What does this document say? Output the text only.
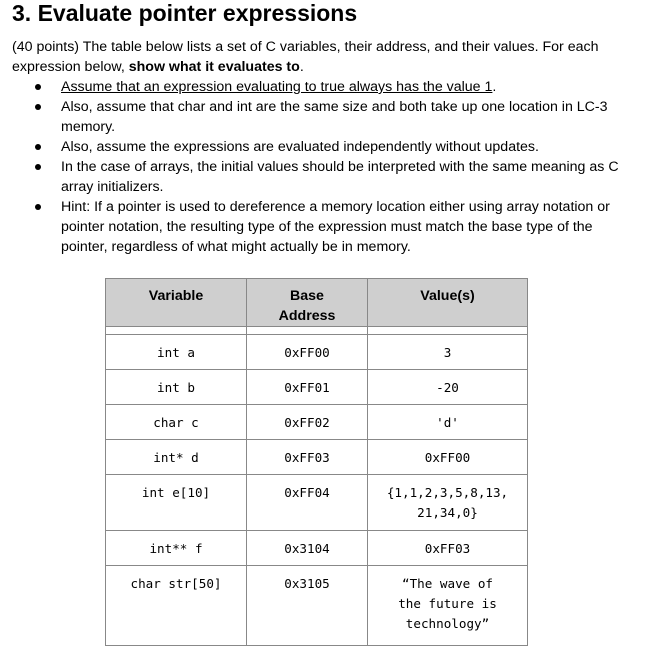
3. Evaluate pointer expressions

(40 points) The table below lists a set of C variables, their address, and their values. For each expression below, show what it evaluates to.

Assume that an expression evaluating to true always has the value 1.
Also, assume that char and int are the same size and both take up one location in LC-3 memory.
Also, assume the expressions are evaluated independently without updates.
In the case of arrays, the initial values should be interpreted with the same meaning as C array initializers.
Hint: If a pointer is used to dereference a memory location either using array notation or pointer notation, the resulting type of the expression must match the base type of the pointer, regardless of what might actually be in memory.
Variable	Base Address	Value(s)

int a	0xFF00	3
int b	0xFF01	-20
char c	0xFF02	'd'
int* d	0xFF03	0xFF00
int e[10]	0xFF04	{1,1,2,3,5,8,13,21,34,0}

int** f	0x3104	0xFF03
char str[50]	0x3105	“The wave of the future is technology”
